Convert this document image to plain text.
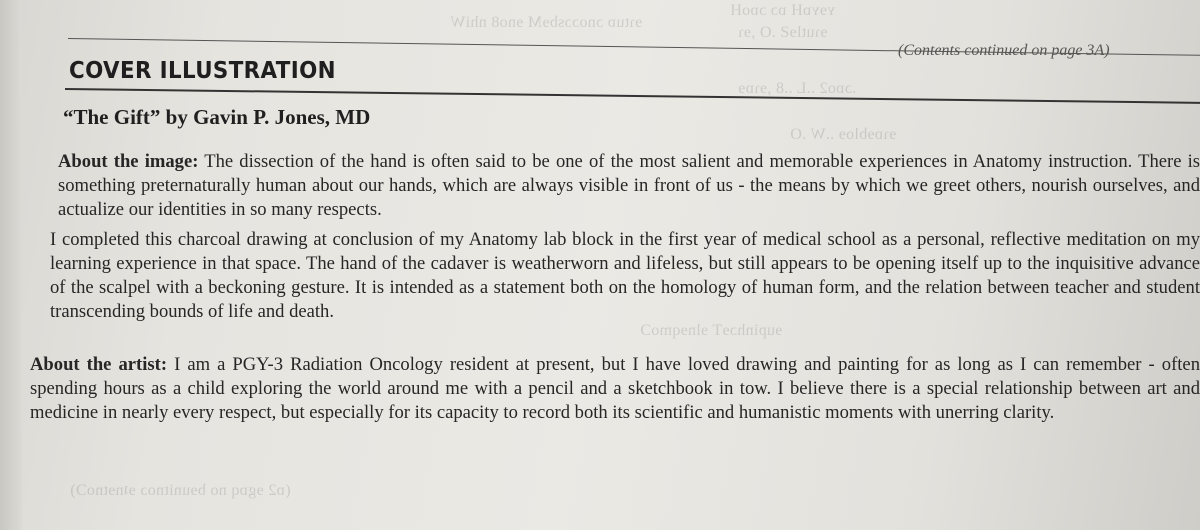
ʏɘʏɒH ɒɔ ɔɒoH
ɘɿutlɘƧ .O ,ɘɿ
ɘɿtuɒ ɔnoɔɔsbɘM ɘno8 nhiW
.ɔɒo2 ..L ..8 ,ɘɿɒɘ
ɘɿɒɘbloɘ ..W .O
ɘupinhɔɘT ɘlnɘqmoƆ
(ɒ2 ɘgɒq no bɘunitnoɔ ɘʇnɘtnoƆ)
(Contents continued on page 3A)
COVER ILLUSTRATION
“The Gift” by Gavin P. Jones, MD

About the image: The dissection of the hand is often said to be one of the most salient and memorable experiences in Anatomy instruction. There is something preternaturally human about our hands, which are always visible in front of us - the means by which we greet others, nourish ourselves, and actualize our identities in so many respects.

I completed this charcoal drawing at conclusion of my Anatomy lab block in the first year of medical school as a personal, reflective meditation on my learning experience in that space. The hand of the cadaver is weatherworn and lifeless, but still appears to be opening itself up to the inquisitive advance of the scalpel with a beckoning gesture. It is intended as a statement both on the homology of human form, and the relation between teacher and student transcending bounds of life and death.

About the artist: I am a PGY-3 Radiation Oncology resident at present, but I have loved drawing and painting for as long as I can remember - often spending hours as a child exploring the world around me with a pencil and a sketchbook in tow. I believe there is a special relationship between art and medicine in nearly every respect, but especially for its capacity to record both its scientific and humanistic moments with unerring clarity.
